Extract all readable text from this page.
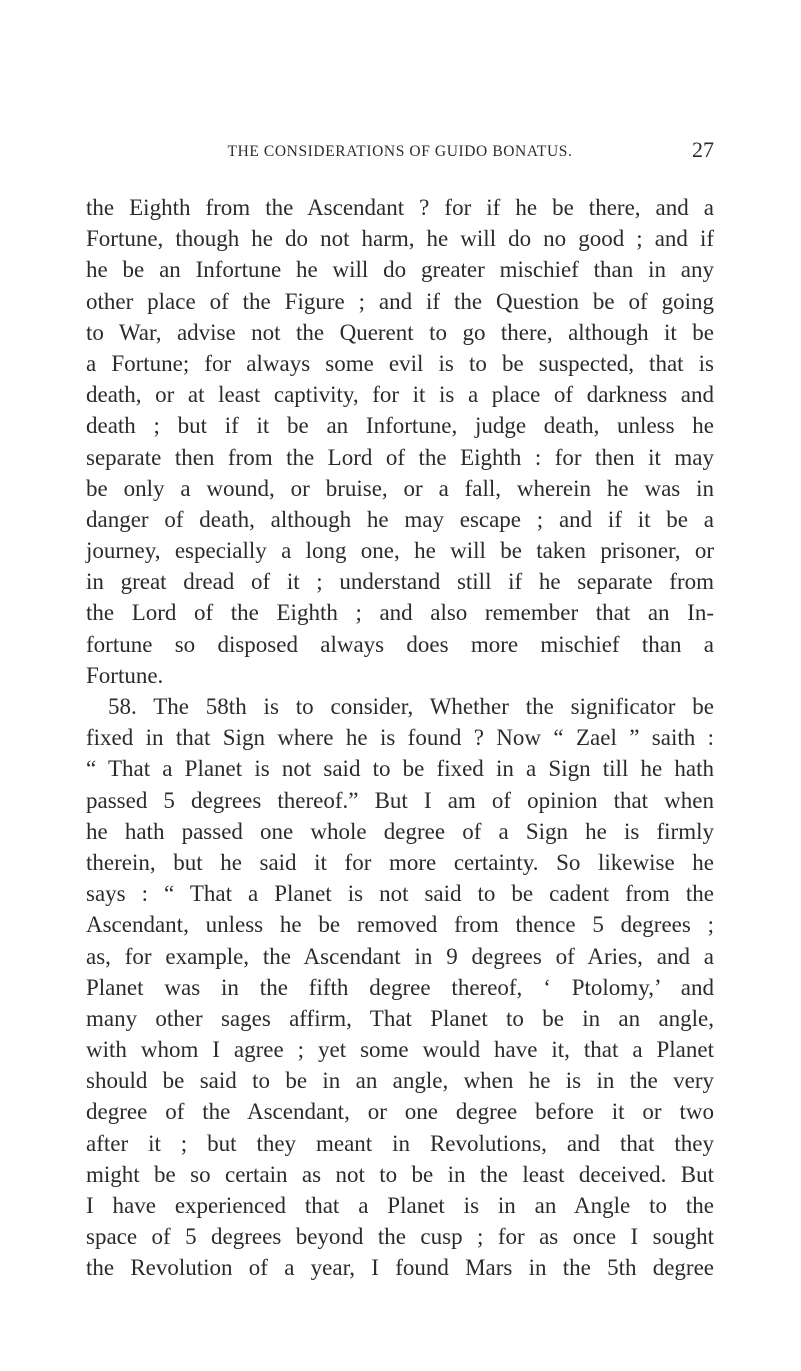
THE CONSIDERATIONS OF GUIDO BONATUS.	27
the Eighth from the Ascendant ? for if he be there, and a
Fortune, though he do not harm, he will do no good ; and if
he be an Infortune he will do greater mischief than in any
other place of the Figure ; and if the Question be of going
to War, advise not the Querent to go there, although it be
a Fortune; for always some evil is to be suspected, that is
death, or at least captivity, for it is a place of darkness and
death ; but if it be an Infortune, judge death, unless he
separate then from the Lord of the Eighth : for then it may
be only a wound, or bruise, or a fall, wherein he was in
danger of death, although he may escape ; and if it be a
journey, especially a long one, he will be taken prisoner, or
in great dread of it ; understand still if he separate from
the Lord of the Eighth ; and also remember that an In-
fortune so disposed always does more mischief than a
Fortune.
58. The 58th is to consider, Whether the significator be
fixed in that Sign where he is found ? Now “ Zael ” saith :
“ That a Planet is not said to be fixed in a Sign till he hath
passed 5 degrees thereof.” But I am of opinion that when
he hath passed one whole degree of a Sign he is firmly
therein, but he said it for more certainty. So likewise he
says : “ That a Planet is not said to be cadent from the
Ascendant, unless he be removed from thence 5 degrees ;
as, for example, the Ascendant in 9 degrees of Aries, and a
Planet was in the fifth degree thereof, ‘ Ptolomy,’ and
many other sages affirm, That Planet to be in an angle,
with whom I agree ; yet some would have it, that a Planet
should be said to be in an angle, when he is in the very
degree of the Ascendant, or one degree before it or two
after it ; but they meant in Revolutions, and that they
might be so certain as not to be in the least deceived. But
I have experienced that a Planet is in an Angle to the
space of 5 degrees beyond the cusp ; for as once I sought
the Revolution of a year, I found Mars in the 5th degree
